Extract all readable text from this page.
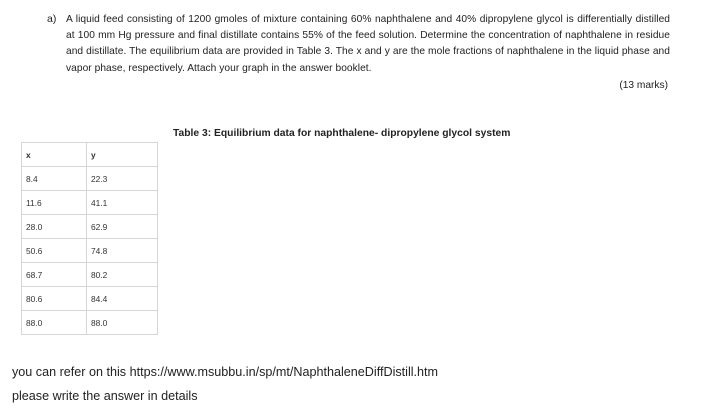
a) A liquid feed consisting of 1200 gmoles of mixture containing 60% naphthalene and 40% dipropylene glycol is differentially distilled at 100 mm Hg pressure and final distillate contains 55% of the feed solution. Determine the concentration of naphthalene in residue and distillate. The equilibrium data are provided in Table 3. The x and y are the mole fractions of naphthalene in the liquid phase and vapor phase, respectively. Attach your graph in the answer booklet.
(13 marks)
Table 3: Equilibrium data for naphthalene- dipropylene glycol system
x	y
8.4	22.3
11.6	41.1
28.0	62.9
50.6	74.8
68.7	80.2
80.6	84.4
88.0	88.0
you can refer on this https://www.msubbu.in/sp/mt/NaphthaleneDiffDistill.htm
please write the answer in details
